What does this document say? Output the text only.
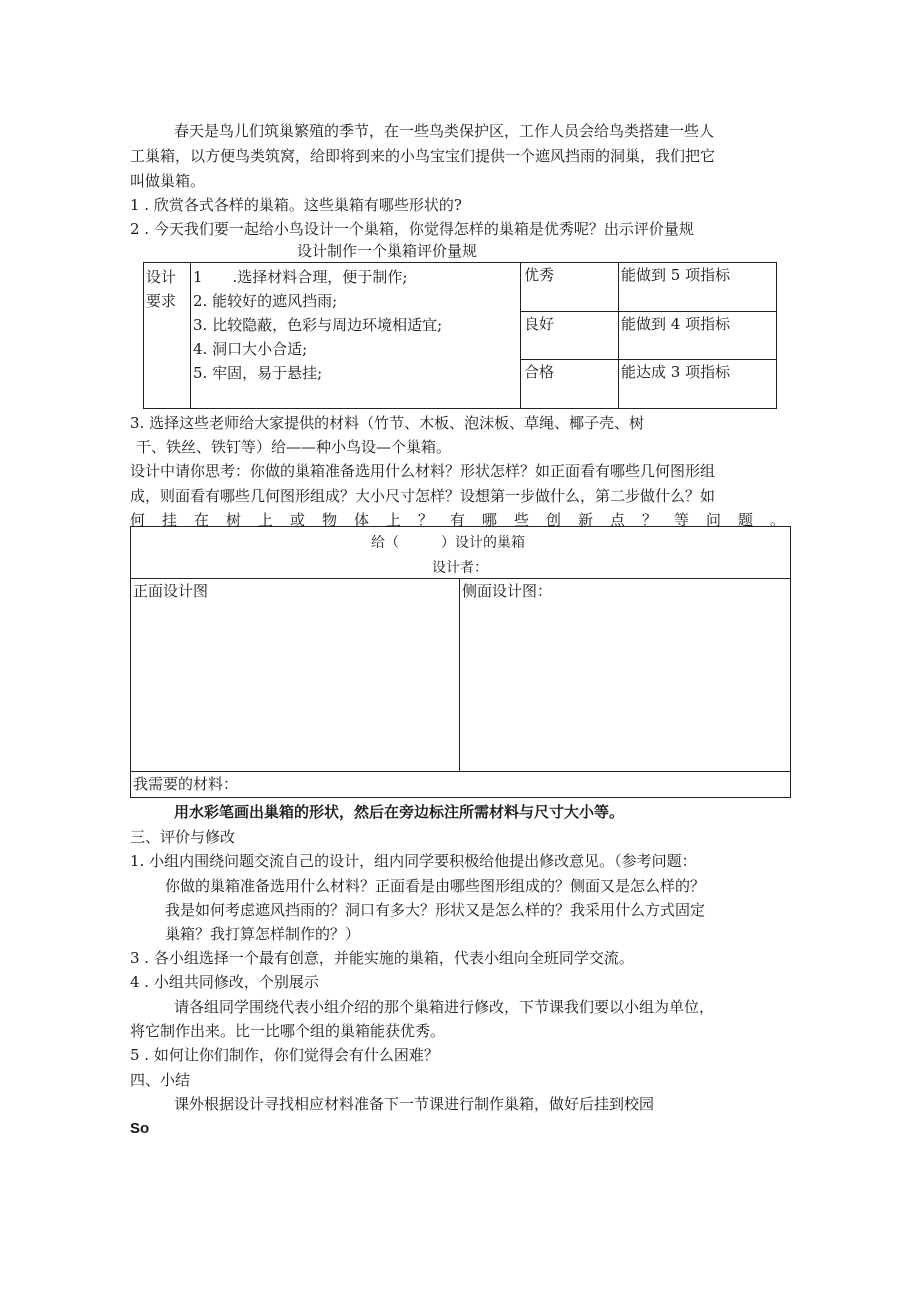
春天是鸟儿们筑巢繁殖的季节，在一些鸟类保护区，工作人员会给鸟类搭建一些人
工巢箱，以方便鸟类筑窝，给即将到来的小鸟宝宝们提供一个遮风挡雨的洞巢，我们把它
叫做巢箱。
1 . 欣赏各式各样的巢箱。这些巢箱有哪些形状的?
2 . 今天我们要一起给小鸟设计一个巢箱，你觉得怎样的巢箱是优秀呢？出示评价量规
设计制作一个巢箱评价量规
设计
要求
1　　.选择材料合理，便于制作;
2. 能较好的遮风挡雨;
3. 比较隐蔽，色彩与周边环境相适宜;
4. 洞口大小合适;
5. 牢固，易于悬挂;
优秀	能做到 5 项指标
良好	能做到 4 项指标
合格	能达成 3 项指标
3. 选择这些老师给大家提供的材料（竹节、木板、泡沫板、草绳、椰子壳、树
干、铁丝、铁钉等）给——种小鸟设—个巢箱。
设计中请你思考：你做的巢箱准备选用什么材料？形状怎样？如正面看有哪些几何图形组
成，则面看有哪些几何图形组成？大小尺寸怎样？设想第一步做什么，第二步做什么？如
何挂在树上或物体上？有哪些创新点？等问题。
给（　　　）设计的巢箱
设计者：
正面设计图	侧面设计图：
我需要的材料：
用水彩笔画出巢箱的形状，然后在旁边标注所需材料与尺寸大小等。
三、评价与修改
1. 小组内围绕问题交流自己的设计，组内同学要积极给他提出修改意见。（参考问题：
你做的巢箱准备选用什么材料？正面看是由哪些图形组成的？侧面又是怎么样的？
我是如何考虑遮风挡雨的？洞口有多大？形状又是怎么样的？我采用什么方式固定
巢箱？我打算怎样制作的？）
3 . 各小组选择一个最有创意，并能实施的巢箱，代表小组向全班同学交流。
4 . 小组共同修改，个别展示
请各组同学围绕代表小组介绍的那个巢箱进行修改，下节课我们要以小组为单位，
将它制作出来。比一比哪个组的巢箱能获优秀。
5 . 如何让你们制作，你们觉得会有什么困难？
四、小结
课外根据设计寻找相应材料准备下一节课进行制作巢箱，做好后挂到校园
So
